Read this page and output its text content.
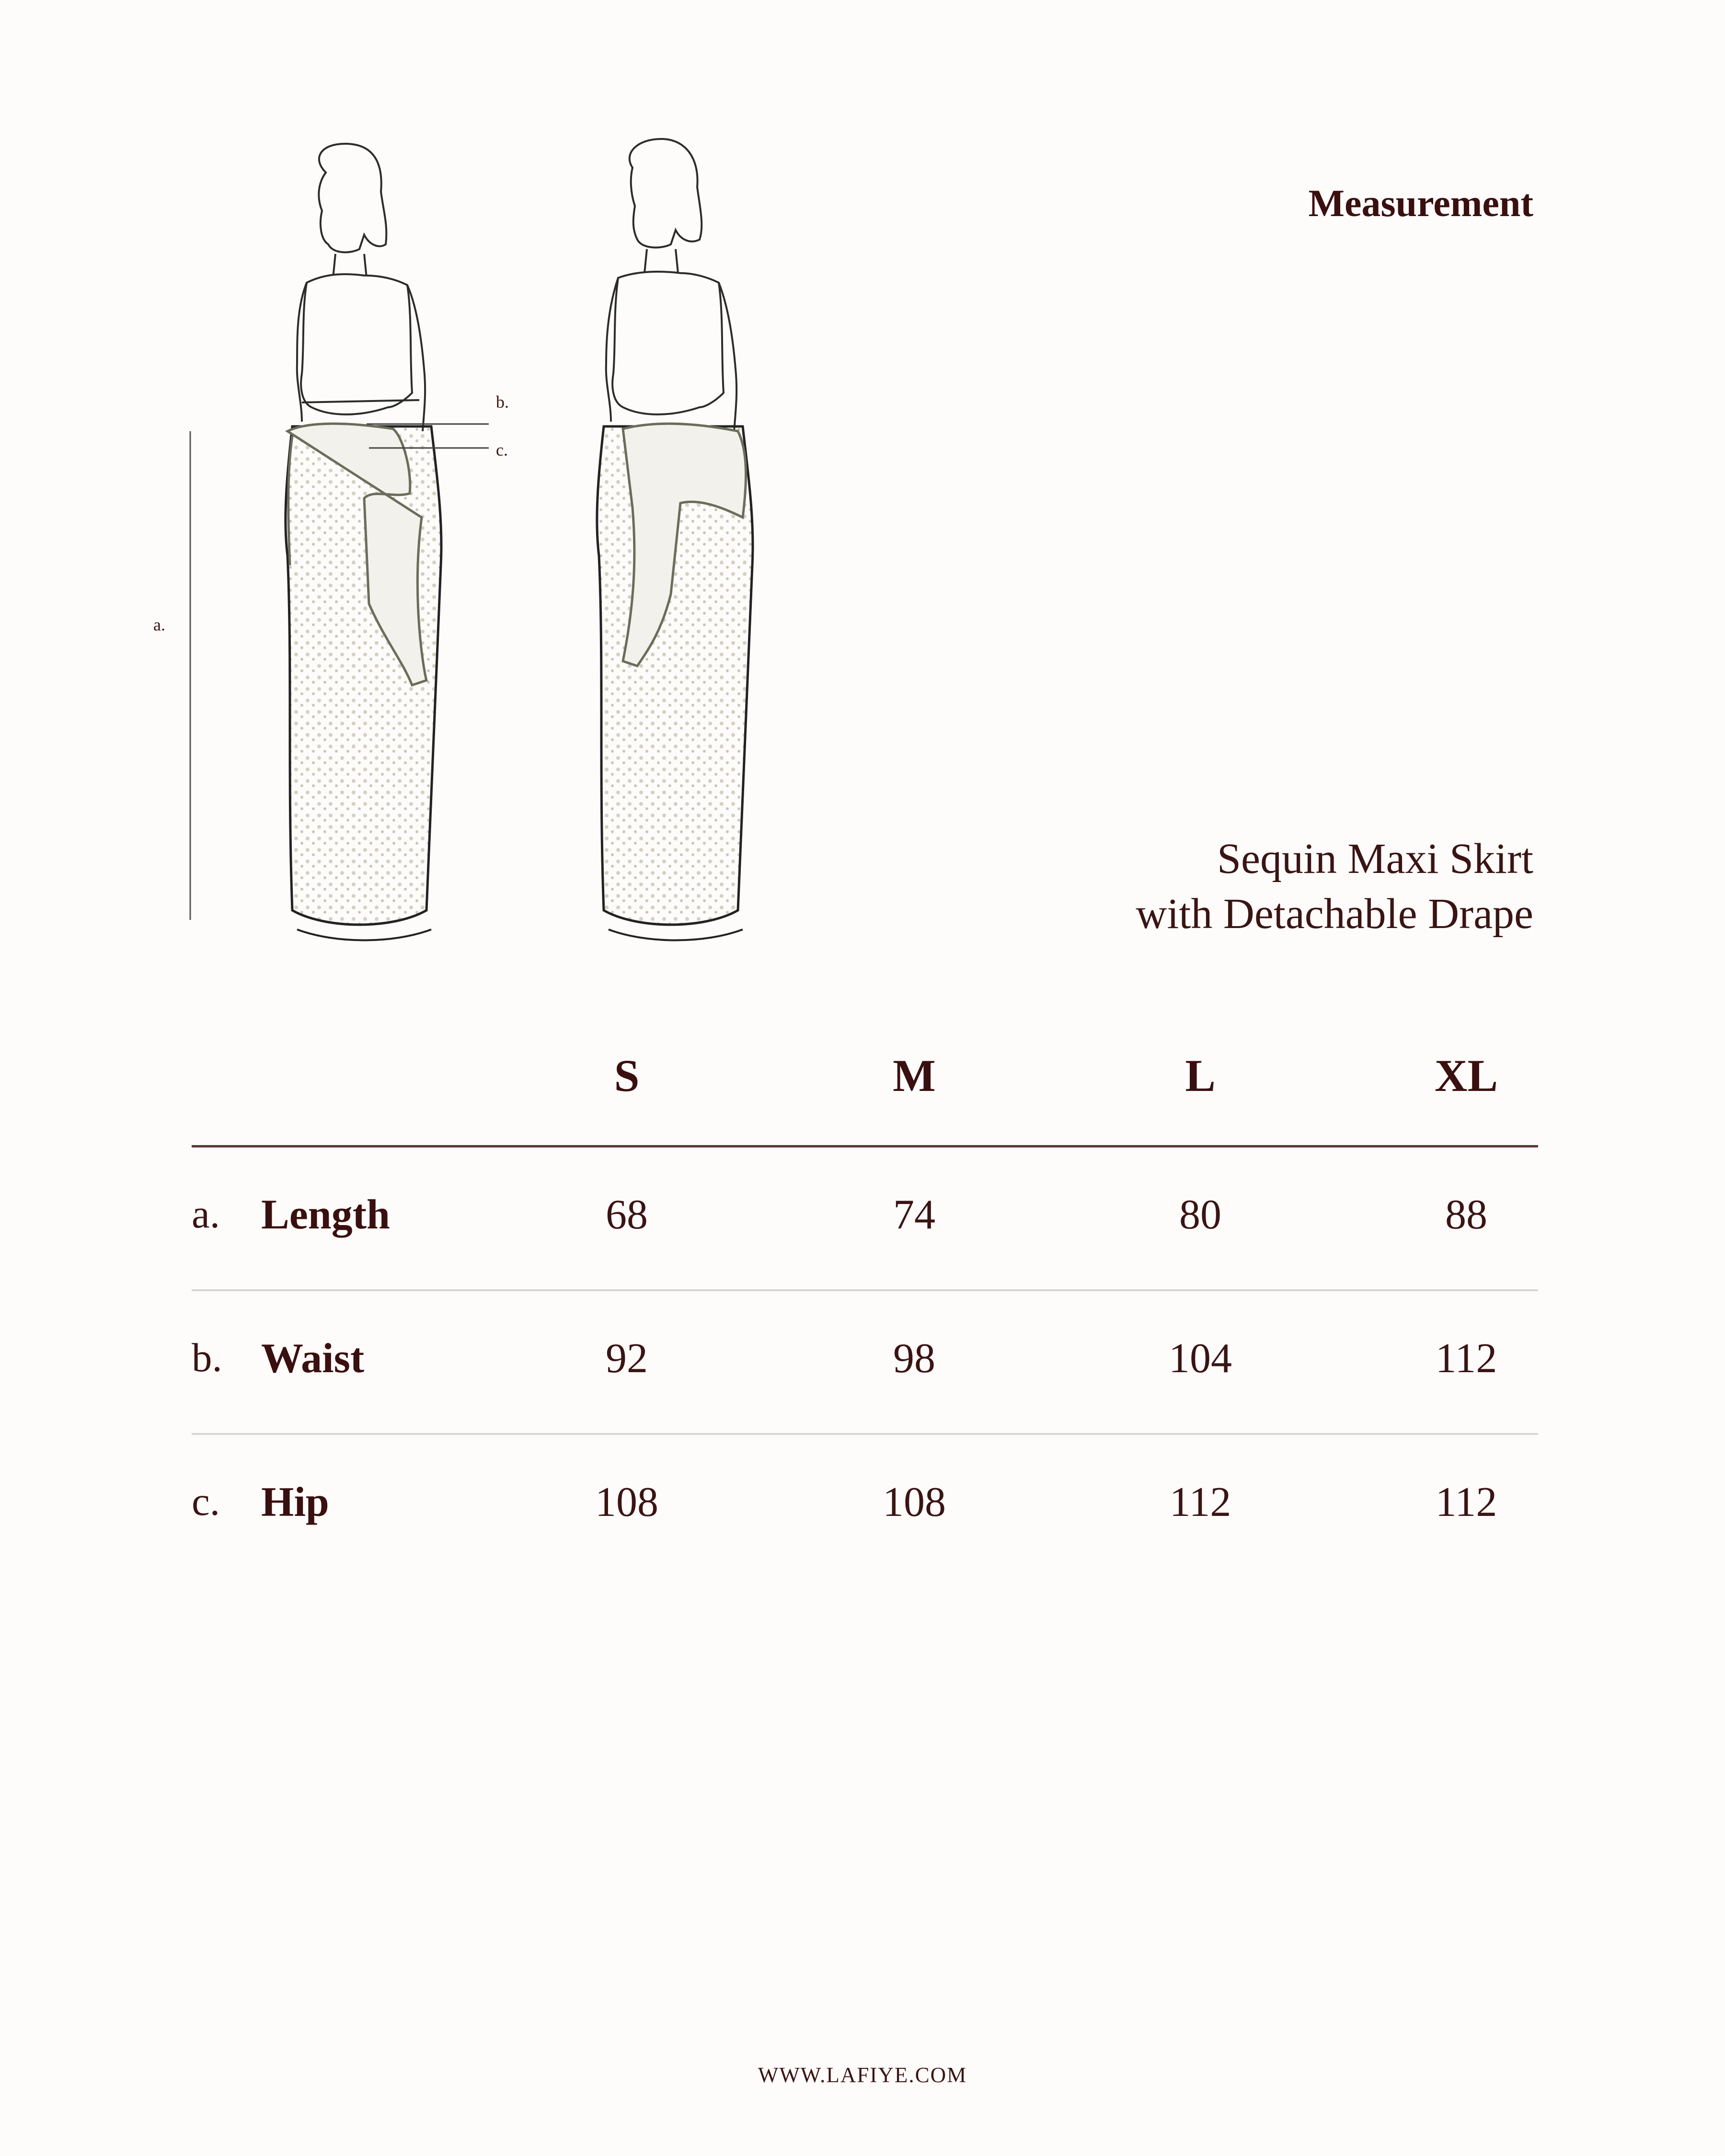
Measurement
a.
b.
c.
Sequin Maxi Skirt
with Detachable Drape
S	M	L	XL
a. Length	68	74	80	88
b. Waist	92	98	104	112
c. Hip	108	108	112	112
WWW.LAFIYE.COM
